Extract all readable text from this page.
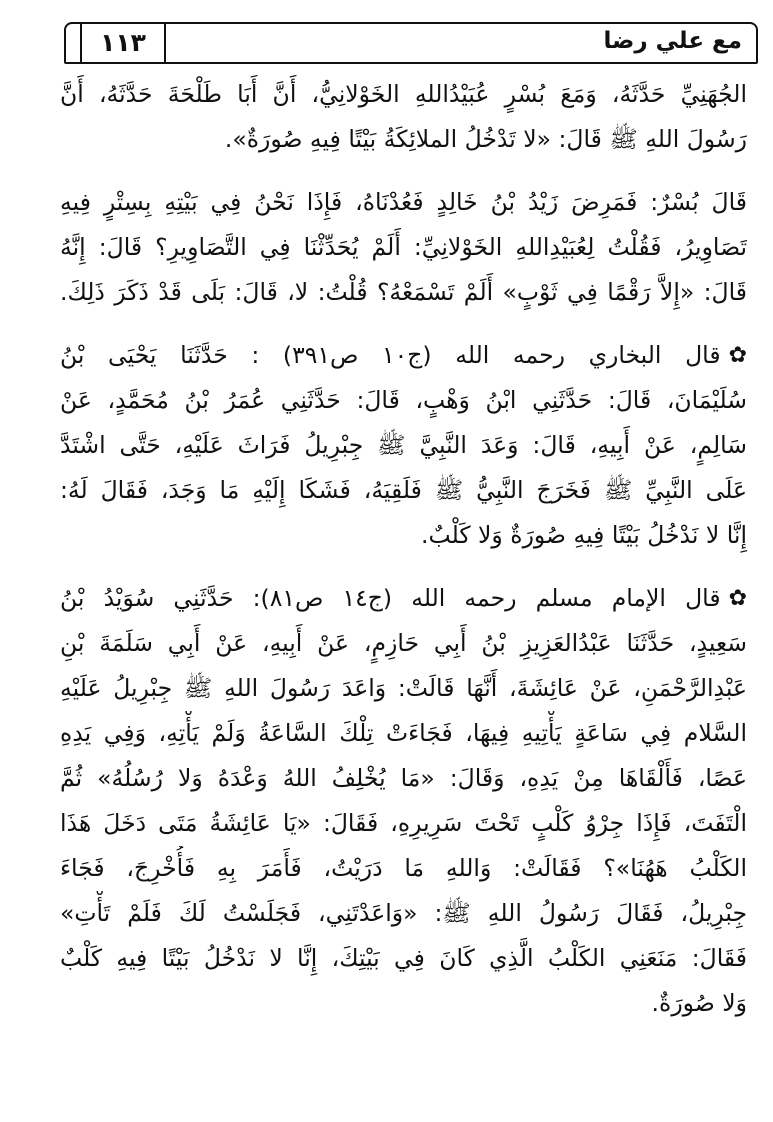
مع علي رضا
١١٣
الجُهَنِيِّ حَدَّثَهُ، وَمَعَ بُسْرٍ عُبَيْدُاللهِ الخَوْلانِيُّ، أَنَّ أَبَا طَلْحَةَ حَدَّثَهُ، أَنَّ
رَسُولَ اللهِ ﷺ قَالَ: «لا تَدْخُلُ الملائِكَةُ بَيْتًا فِيهِ صُورَةٌ».
قَالَ بُسْرٌ: فَمَرِضَ زَيْدُ بْنُ خَالِدٍ فَعُدْنَاهُ، فَإِذَا نَحْنُ فِي بَيْتِهِ بِسِتْرٍ فِيهِ
تَصَاوِيرُ، فَقُلْتُ لِعُبَيْدِاللهِ الخَوْلانِيِّ: أَلَمْ يُحَدِّثْنَا فِي التَّصَاوِيرِ؟ قَالَ: إِنَّهُ
قَالَ: «إِلاَّ رَقْمًا فِي ثَوْبٍ» أَلَمْ تَسْمَعْهُ؟ قُلْتُ: لا، قَالَ: بَلَى قَدْ ذَكَرَ ذَلِكَ.
✿
قال البخاري رحمه الله (ج١٠ ص٣٩١) : حَدَّثَنَا يَحْيَى بْنُ
سُلَيْمَانَ، قَالَ: حَدَّثَنِي ابْنُ وَهْبٍ، قَالَ: حَدَّثَنِي عُمَرُ بْنُ مُحَمَّدٍ، عَنْ
سَالِمٍ، عَنْ أَبِيهِ، قَالَ: وَعَدَ النَّبِيَّ ﷺ جِبْرِيلُ فَرَاثَ عَلَيْهِ، حَتَّى اشْتَدَّ
عَلَى النَّبِيِّ ﷺ فَخَرَجَ النَّبِيُّ ﷺ فَلَقِيَهُ، فَشَكَا إِلَيْهِ مَا وَجَدَ، فَقَالَ لَهُ:
إِنَّا لا نَدْخُلُ بَيْتًا فِيهِ صُورَةٌ وَلا كَلْبٌ.
✿
قال الإمام مسلم رحمه الله (ج١٤ ص٨١): حَدَّثَنِي سُوَيْدُ بْنُ
سَعِيدٍ، حَدَّثَنَا عَبْدُالعَزِيزِ بْنُ أَبِي حَازِمٍ، عَنْ أَبِيهِ، عَنْ أَبِي سَلَمَةَ بْنِ
عَبْدِالرَّحْمَنِ، عَنْ عَائِشَةَ، أَنَّهَا قَالَتْ: وَاعَدَ رَسُولَ اللهِ ﷺ جِبْرِيلُ عَلَيْهِ
السَّلام فِي سَاعَةٍ يَأْتِيهِ فِيهَا، فَجَاءَتْ تِلْكَ السَّاعَةُ وَلَمْ يَأْتِهِ، وَفِي يَدِهِ
عَصًا، فَأَلْقَاهَا مِنْ يَدِهِ، وَقَالَ: «مَا يُخْلِفُ اللهُ وَعْدَهُ وَلا رُسُلُهُ» ثُمَّ
الْتَفَتَ، فَإِذَا جِرْوُ كَلْبٍ تَحْتَ سَرِيرِهِ، فَقَالَ: «يَا عَائِشَةُ مَتَى دَخَلَ هَذَا
الكَلْبُ هَهُنَا»؟ فَقَالَتْ: وَاللهِ مَا دَرَيْتُ، فَأَمَرَ بِهِ فَأُخْرِجَ، فَجَاءَ
جِبْرِيلُ، فَقَالَ رَسُولُ اللهِ ﷺ: «وَاعَدْتَنِي، فَجَلَسْتُ لَكَ فَلَمْ تَأْتِ»
فَقَالَ: مَنَعَنِي الكَلْبُ الَّذِي كَانَ فِي بَيْتِكَ، إِنَّا لا نَدْخُلُ بَيْتًا فِيهِ كَلْبٌ
وَلا صُورَةٌ.
